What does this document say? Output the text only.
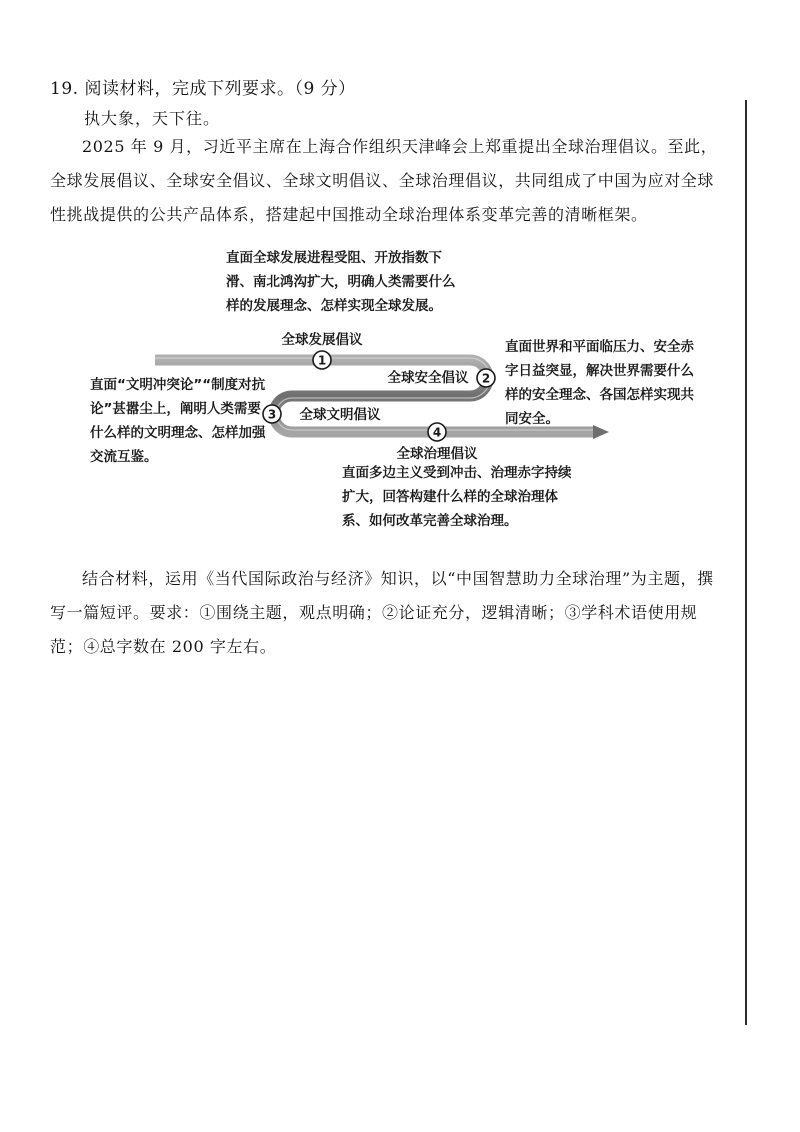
19. 阅读材料，完成下列要求。（9 分）
执大象，天下往。
2025 年 9 月，习近平主席在上海合作组织天津峰会上郑重提出全球治理倡议。至此，全球发展倡议、全球安全倡议、全球文明倡议、全球治理倡议，共同组成了中国为应对全球性挑战提供的公共产品体系，搭建起中国推动全球治理体系变革完善的清晰框架。
1
全球发展倡议
2
全球安全倡议
3 全球文明倡议
4
全球治理倡议
直面全球发展进程受阻、开放指数下滑、南北鸿沟扩大，明确人类需要什么样的发展理念、怎样实现全球发展。
直面世界和平面临压力、安全赤字日益突显，解决世界需要什么样的安全理念、各国怎样实现共同安全。
直面“文明冲突论”“制度对抗论”甚嚣尘上，阐明人类需要什么样的文明理念、怎样加强交流互鉴。
直面多边主义受到冲击、治理赤字持续扩大，回答构建什么样的全球治理体系、如何改革完善全球治理。
结合材料，运用《当代国际政治与经济》知识，以“中国智慧助力全球治理”为主题，撰写一篇短评。要求：①围绕主题，观点明确；②论证充分，逻辑清晰；③学科术语使用规范；④总字数在 200 字左右。
